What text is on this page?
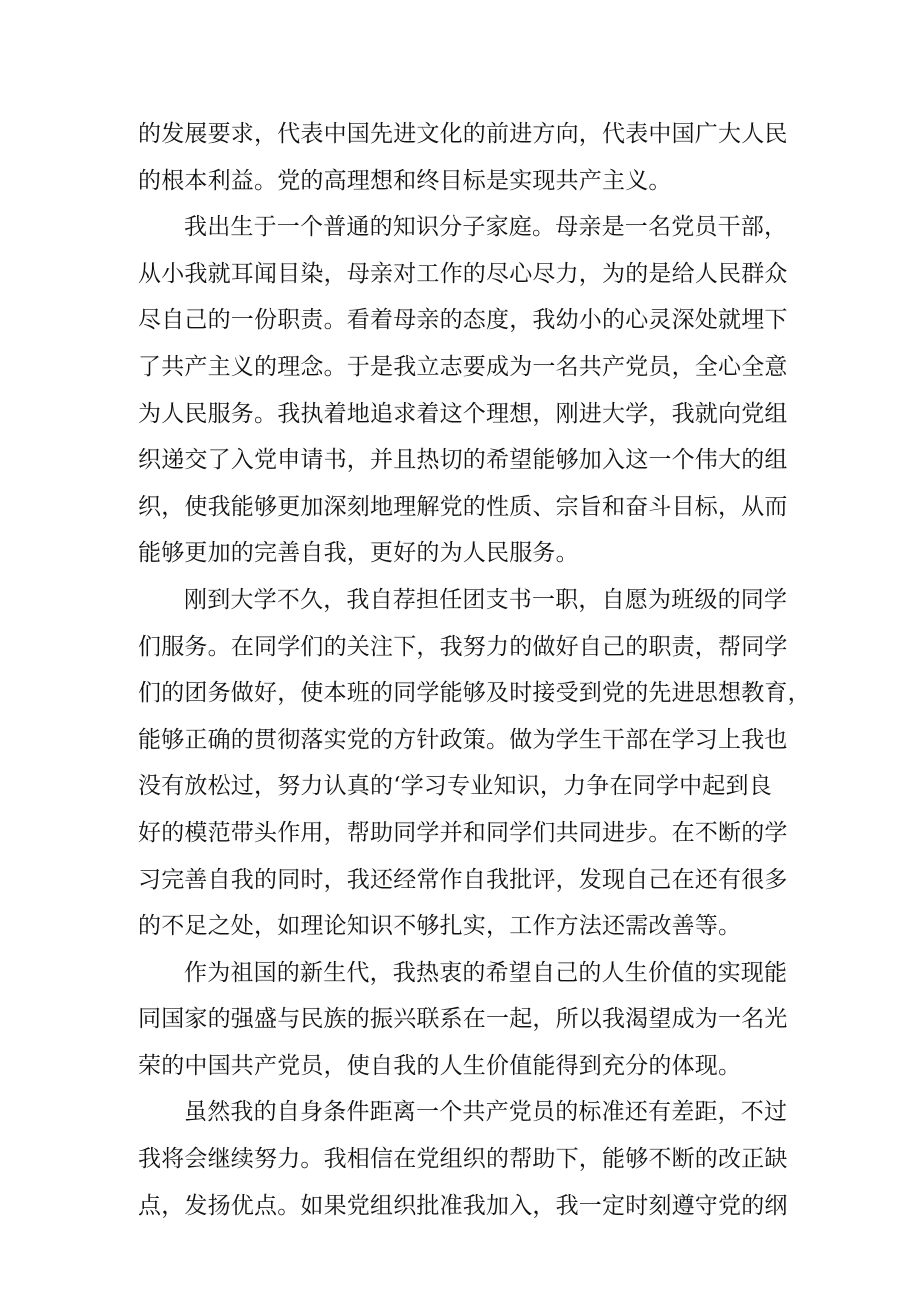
的发展要求，代表中国先进文化的前进方向，代表中国广大人民
的根本利益。党的高理想和终目标是实现共产主义。
我出生于一个普通的知识分子家庭。母亲是一名党员干部，
从小我就耳闻目染，母亲对工作的尽心尽力，为的是给人民群众
尽自己的一份职责。看着母亲的态度，我幼小的心灵深处就埋下
了共产主义的理念。于是我立志要成为一名共产党员，全心全意
为人民服务。我执着地追求着这个理想，刚进大学，我就向党组
织递交了入党申请书，并且热切的希望能够加入这一个伟大的组
织，使我能够更加深刻地理解党的性质、宗旨和奋斗目标，从而
能够更加的完善自我，更好的为人民服务。
刚到大学不久，我自荐担任团支书一职，自愿为班级的同学
们服务。在同学们的关注下，我努力的做好自己的职责，帮同学
们的团务做好，使本班的同学能够及时接受到党的先进思想教育，
能够正确的贯彻落实党的方针政策。做为学生干部在学习上我也
没有放松过，努力认真的‘学习专业知识，力争在同学中起到良
好的模范带头作用，帮助同学并和同学们共同进步。在不断的学
习完善自我的同时，我还经常作自我批评，发现自己在还有很多
的不足之处，如理论知识不够扎实，工作方法还需改善等。
作为祖国的新生代，我热衷的希望自己的人生价值的实现能
同国家的强盛与民族的振兴联系在一起，所以我渴望成为一名光
荣的中国共产党员，使自我的人生价值能得到充分的体现。
虽然我的自身条件距离一个共产党员的标准还有差距，不过
我将会继续努力。我相信在党组织的帮助下，能够不断的改正缺
点，发扬优点。如果党组织批准我加入，我一定时刻遵守党的纲
